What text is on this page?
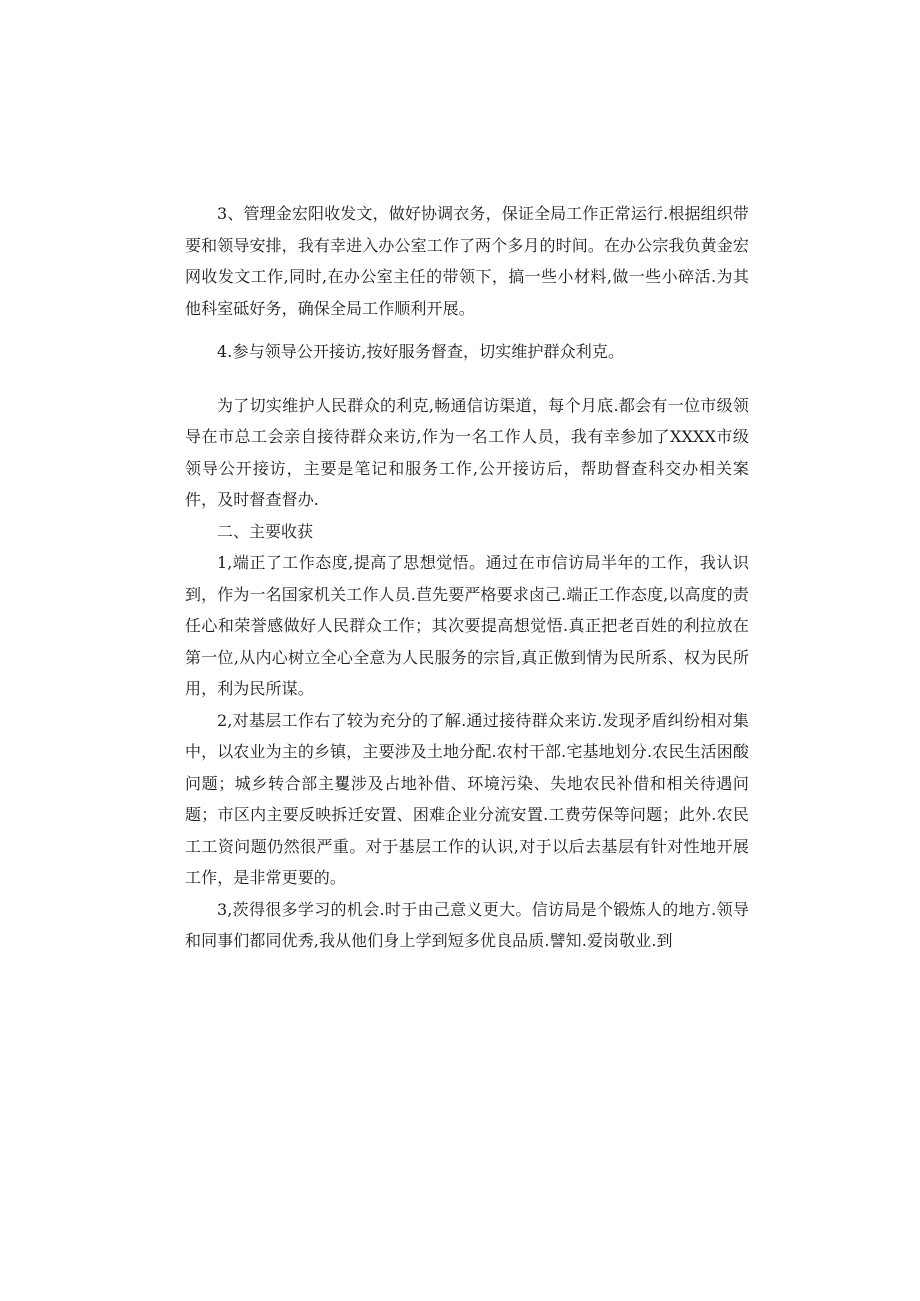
3、管理金宏阳收发文，做好协调衣务，保证全局工作正常运行.根据组织带要和领导安排，我有幸进入办公室工作了两个多月的时间。在办公宗我负黄金宏网收发文工作,同时,在办公室主任的带领下，搞一些小材料,做一些小碎活.为其他科室砥好务，确保全局工作顺利开展。

4.参与领导公开接访,按好服务督查，切实维护群众利克。

为了切实维护人民群众的利克,畅通信访渠道，每个月底.都会有一位市级领导在市总工会亲自接待群众来访,作为一名工作人员，我有幸参加了XXXX市级领导公开接访，主要是笔记和服务工作,公开接访后，帮助督查科交办相关案件，及时督查督办.

二、主要收获

1,端正了工作态度,提高了思想觉悟。通过在市信访局半年的工作，我认识到，作为一名国家机关工作人员.苣先要严格要求卤己.端正工作态度,以高度的责任心和荣誉感做好人民群众工作；其次要提高想觉悟.真正把老百姓的利拉放在第一位,从内心树立全心全意为人民服务的宗旨,真正傲到情为民所系、权为民所用，利为民所谋。

2,对基层工作右了较为充分的了解.通过接待群众来访.发现矛盾纠纷相对集中，以农业为主的乡镇，主要涉及土地分配.农村干部.宅基地划分.农民生活困酸问题；城乡转合部主矍涉及占地补借、环境污染、失地农民补借和相关待遇问题；市区内主要反映拆迁安置、困难企业分流安置.工费劳保等问题；此外.农民工工资问题仍然很严重。对于基层工作的认识,对于以后去基层有针对性地开展工作，是非常更要的。

3,茨得很多学习的机会.时于由己意义更大。信访局是个锻炼人的地方.领导和同事们都同优秀,我从他们身上学到短多优良品质.譬知.爱岗敬业.到
